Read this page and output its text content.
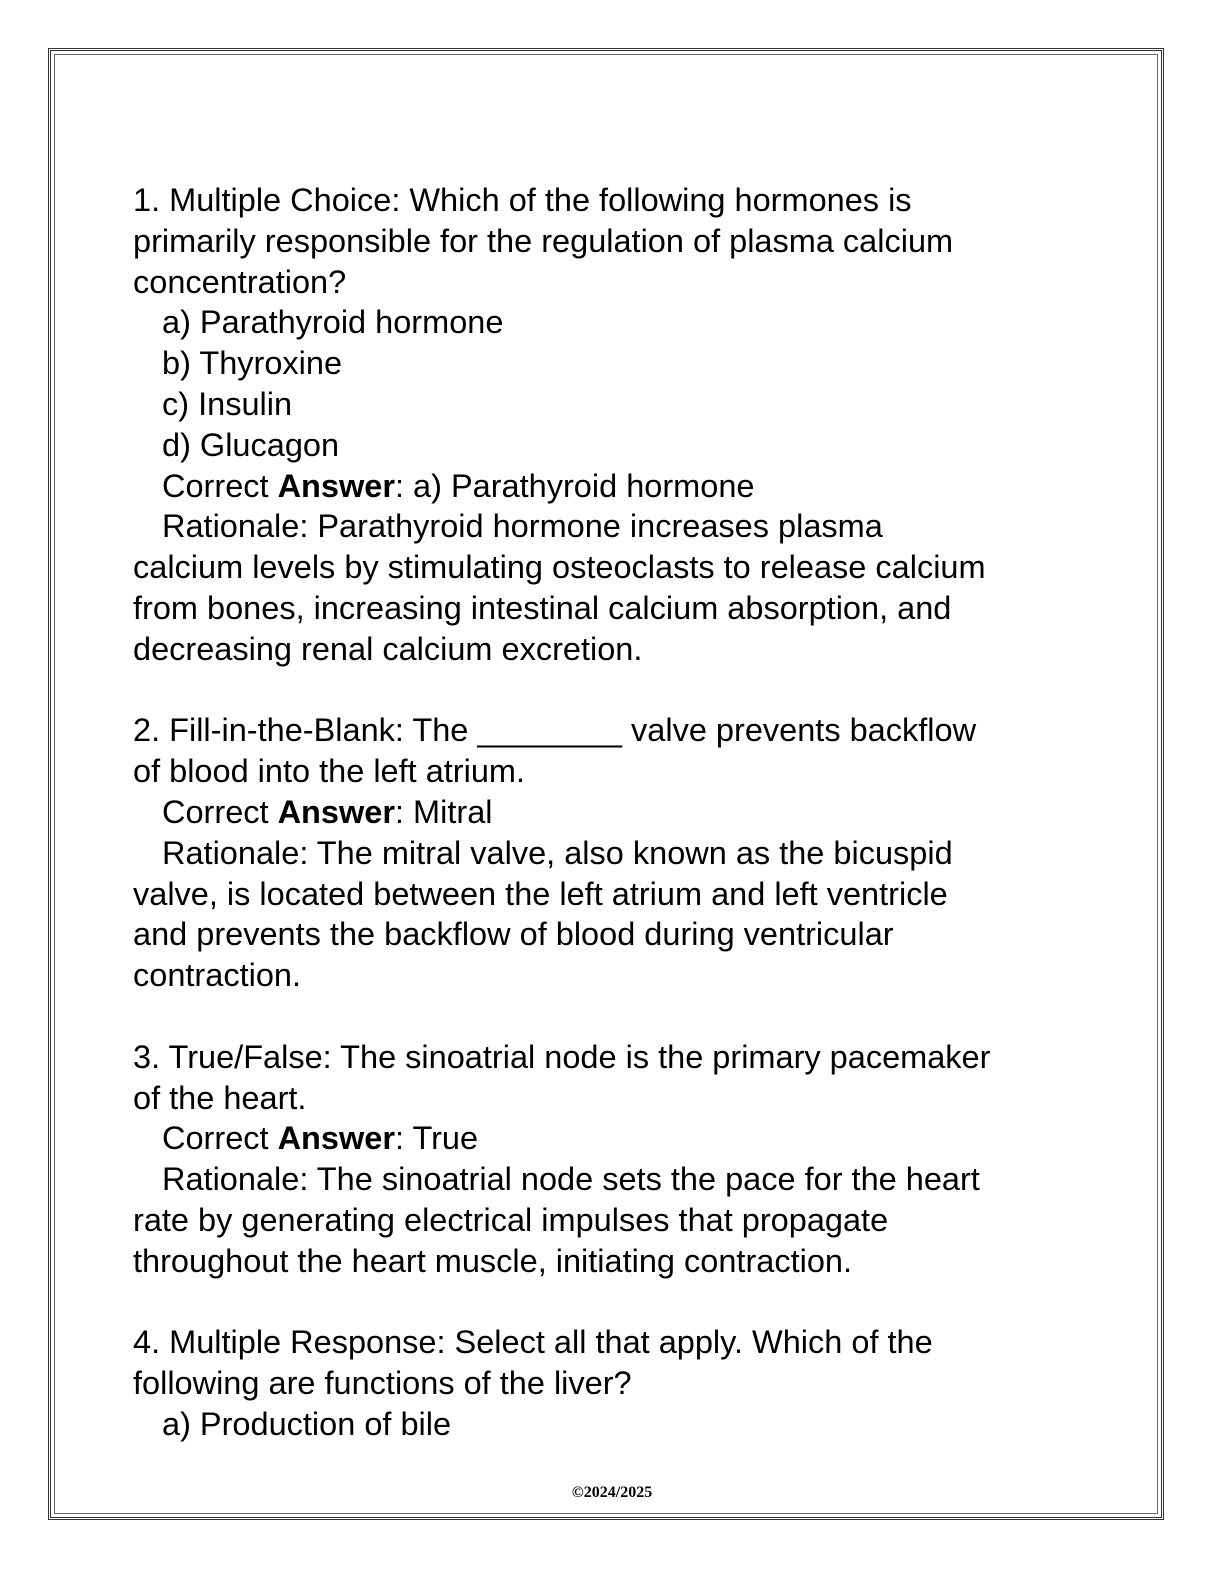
1. Multiple Choice: Which of the following hormones is
primarily responsible for the regulation of plasma calcium
concentration?
a) Parathyroid hormone
b) Thyroxine
c) Insulin
d) Glucagon
Correct Answer: a) Parathyroid hormone
Rationale: Parathyroid hormone increases plasma
calcium levels by stimulating osteoclasts to release calcium
from bones, increasing intestinal calcium absorption, and
decreasing renal calcium excretion.
2. Fill-in-the-Blank: The ________ valve prevents backflow
of blood into the left atrium.
Correct Answer: Mitral
Rationale: The mitral valve, also known as the bicuspid
valve, is located between the left atrium and left ventricle
and prevents the backflow of blood during ventricular
contraction.
3. True/False: The sinoatrial node is the primary pacemaker
of the heart.
Correct Answer: True
Rationale: The sinoatrial node sets the pace for the heart
rate by generating electrical impulses that propagate
throughout the heart muscle, initiating contraction.
4. Multiple Response: Select all that apply. Which of the
following are functions of the liver?
a) Production of bile
©2024/2025
